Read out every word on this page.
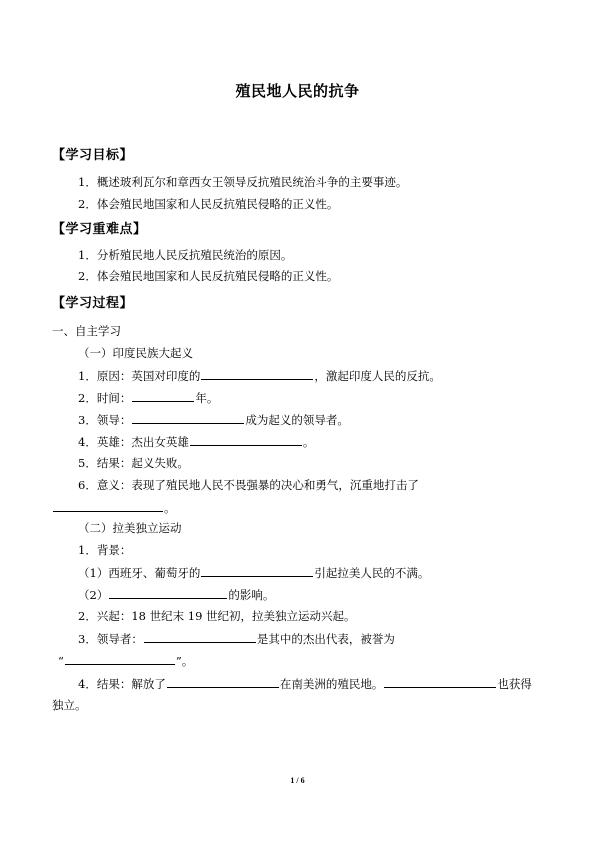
殖民地人民的抗争
【学习目标】
1．概述玻利瓦尔和章西女王领导反抗殖民统治斗争的主要事迹。
2．体会殖民地国家和人民反抗殖民侵略的正义性。
【学习重难点】
1．分析殖民地人民反抗殖民统治的原因。
2．体会殖民地国家和人民反抗殖民侵略的正义性。
【学习过程】
一、自主学习
（一）印度民族大起义
1．原因：英国对印度的	，激起印度人民的反抗。
2．时间：	年。
3．领导：	成为起义的领导者。
4．英雄：杰出女英雄	。
5．结果：起义失败。
6．意义：表现了殖民地人民不畏强暴的决心和勇气，沉重地打击了
。
（二）拉美独立运动
1．背景：
（1）西班牙、葡萄牙的	引起拉美人民的不满。
（2）	的影响。
2．兴起：18 世纪末 19 世纪初，拉美独立运动兴起。
3．领导者：	是其中的杰出代表，被誉为
“	”。
4．结果：解放了	在南美洲的殖民地。	也获得
独立。
1 / 6
